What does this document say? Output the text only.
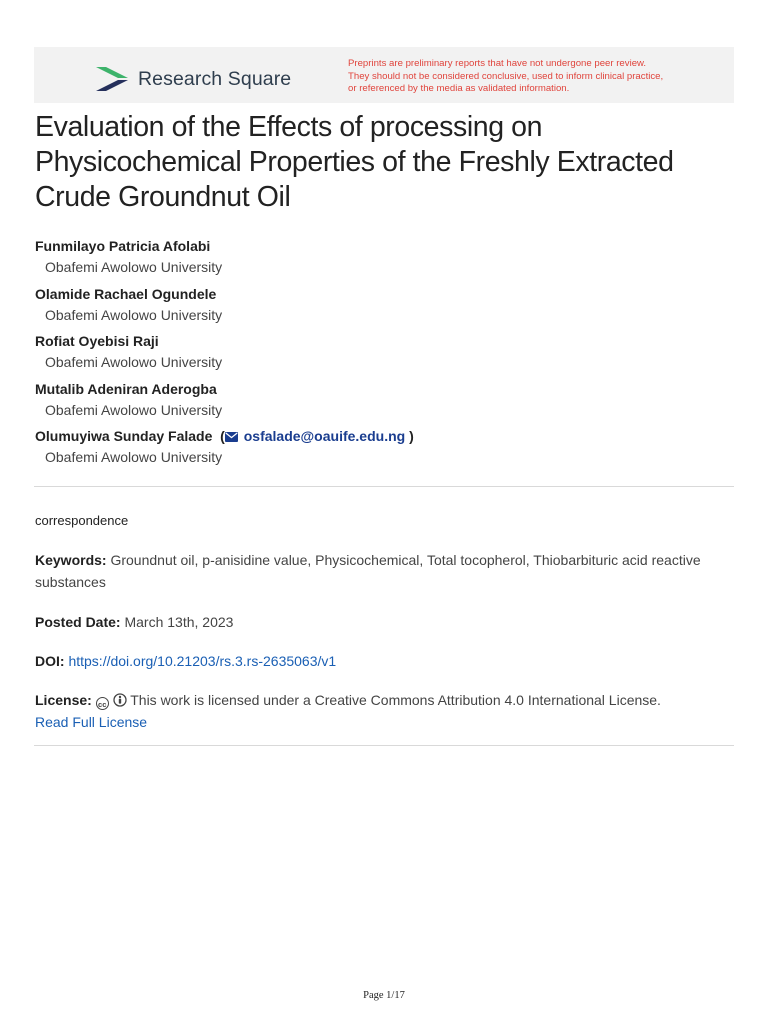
Research Square
Preprints are preliminary reports that have not undergone peer review.
They should not be considered conclusive, used to inform clinical practice,
or referenced by the media as validated information.
Evaluation of the Effects of processing on Physicochemical Properties of the Freshly Extracted Crude Groundnut Oil
Funmilayo Patricia Afolabi
Obafemi Awolowo University
Olamide Rachael Ogundele
Obafemi Awolowo University
Rofiat Oyebisi Raji
Obafemi Awolowo University
Mutalib Adeniran Aderogba
Obafemi Awolowo University
Olumuyiwa Sunday Falade  ( osfalade@oauife.edu.ng )
Obafemi Awolowo University
correspondence
Keywords: Groundnut oil, p-anisidine value, Physicochemical, Total tocopherol, Thiobarbituric acid reactive substances
Posted Date: March 13th, 2023
DOI: https://doi.org/10.21203/rs.3.rs-2635063/v1
License: cc This work is licensed under a Creative Commons Attribution 4.0 International License.
Read Full License
Page 1/17
